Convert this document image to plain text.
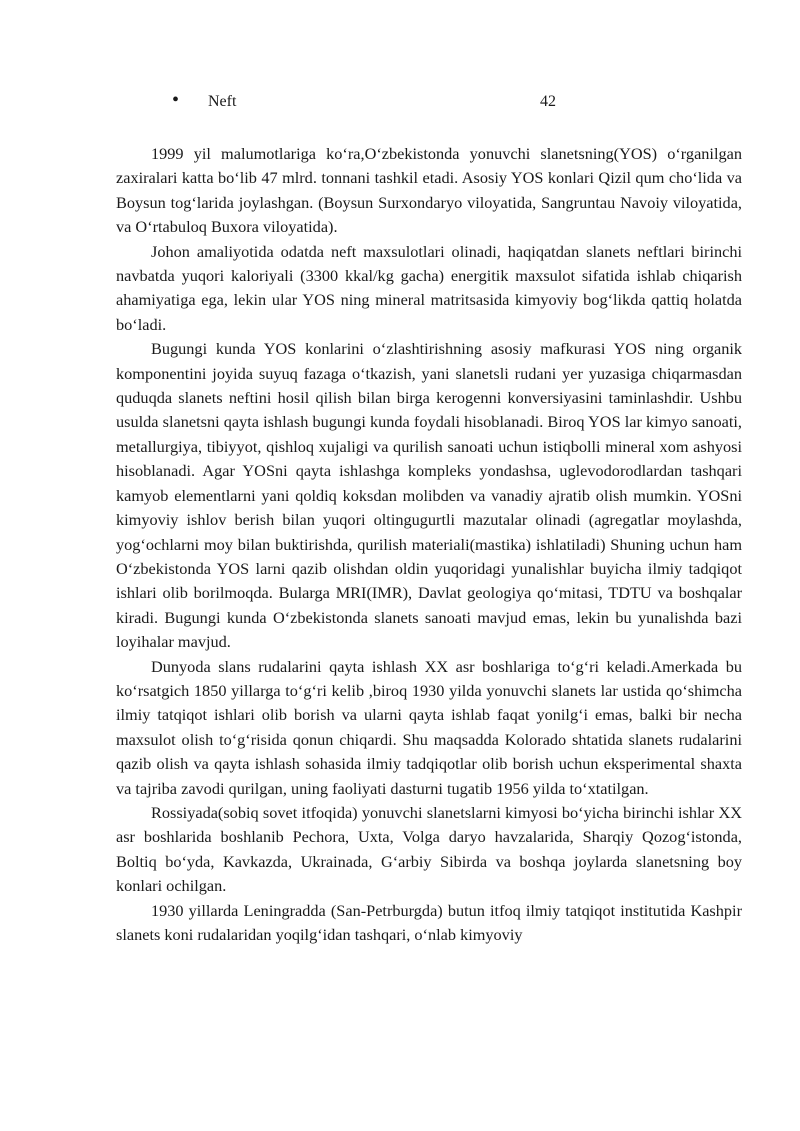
• Neft	42

1999 yil malumotlariga ko‘ra,O‘zbekistonda yonuvchi slanetsning(YOS) o‘rganilgan zaxiralari katta bo‘lib 47 mlrd. tonnani tashkil etadi. Asosiy YOS konlari Qizil qum cho‘lida va Boysun tog‘larida joylashgan. (Boysun Surxondaryo viloyatida, Sangruntau Navoiy viloyatida, va O‘rtabuloq Buxora viloyatida).

Johon amaliyotida odatda neft maxsulotlari olinadi, haqiqatdan slanets neftlari birinchi navbatda yuqori kaloriyali (3300 kkal/kg gacha) energitik maxsulot sifatida ishlab chiqarish ahamiyatiga ega, lekin ular YOS ning mineral matritsasida kimyoviy bog‘likda qattiq holatda bo‘ladi.

Bugungi kunda YOS konlarini o‘zlashtirishning asosiy mafkurasi YOS ning organik komponentini joyida suyuq fazaga o‘tkazish, yani slanetsli rudani yer yuzasiga chiqarmasdan quduqda slanets neftini hosil qilish bilan birga kerogenni konversiyasini taminlashdir. Ushbu usulda slanetsni qayta ishlash bugungi kunda foydali hisoblanadi. Biroq YOS lar kimyo sanoati, metallurgiya, tibiyyot, qishloq xujaligi va qurilish sanoati uchun istiqbolli mineral xom ashyosi hisoblanadi. Agar YOSni qayta ishlashga kompleks yondashsa, uglevodorodlardan tashqari kamyob elementlarni yani qoldiq koksdan molibden va vanadiy ajratib olish mumkin. YOSni kimyoviy ishlov berish bilan yuqori oltingugurtli mazutalar olinadi (agregatlar moylashda, yog‘ochlarni moy bilan buktirishda, qurilish materiali(mastika) ishlatiladi) Shuning uchun ham O‘zbekistonda YOS larni qazib olishdan oldin yuqoridagi yunalishlar buyicha ilmiy tadqiqot ishlari olib borilmoqda. Bularga MRI(IMR), Davlat geologiya qo‘mitasi, TDTU va boshqalar kiradi. Bugungi kunda O‘zbekistonda slanets sanoati mavjud emas, lekin bu yunalishda bazi loyihalar mavjud.

Dunyoda slans rudalarini qayta ishlash XX asr boshlariga to‘g‘ri keladi.Amerkada bu ko‘rsatgich 1850 yillarga to‘g‘ri kelib ,biroq 1930 yilda yonuvchi slanets lar ustida qo‘shimcha ilmiy tatqiqot ishlari olib borish va ularni qayta ishlab faqat yonilg‘i emas, balki bir necha maxsulot olish to‘g‘risida qonun chiqardi. Shu maqsadda Kolorado shtatida slanets rudalarini qazib olish va qayta ishlash sohasida ilmiy tadqiqotlar olib borish uchun eksperimental shaxta va tajriba zavodi qurilgan, uning faoliyati dasturni tugatib 1956 yilda to‘xtatilgan.

Rossiyada(sobiq sovet itfoqida) yonuvchi slanetslarni kimyosi bo‘yicha birinchi ishlar XX asr boshlarida boshlanib Pechora, Uxta, Volga daryo havzalarida, Sharqiy Qozog‘istonda, Boltiq bo‘yda, Kavkazda, Ukrainada, G‘arbiy Sibirda va boshqa joylarda slanetsning boy konlari ochilgan.

1930 yillarda Leningradda (San-Petrburgda) butun itfoq ilmiy tatqiqot institutida Kashpir slanets koni rudalaridan yoqilg‘idan tashqari, o‘nlab kimyoviy
